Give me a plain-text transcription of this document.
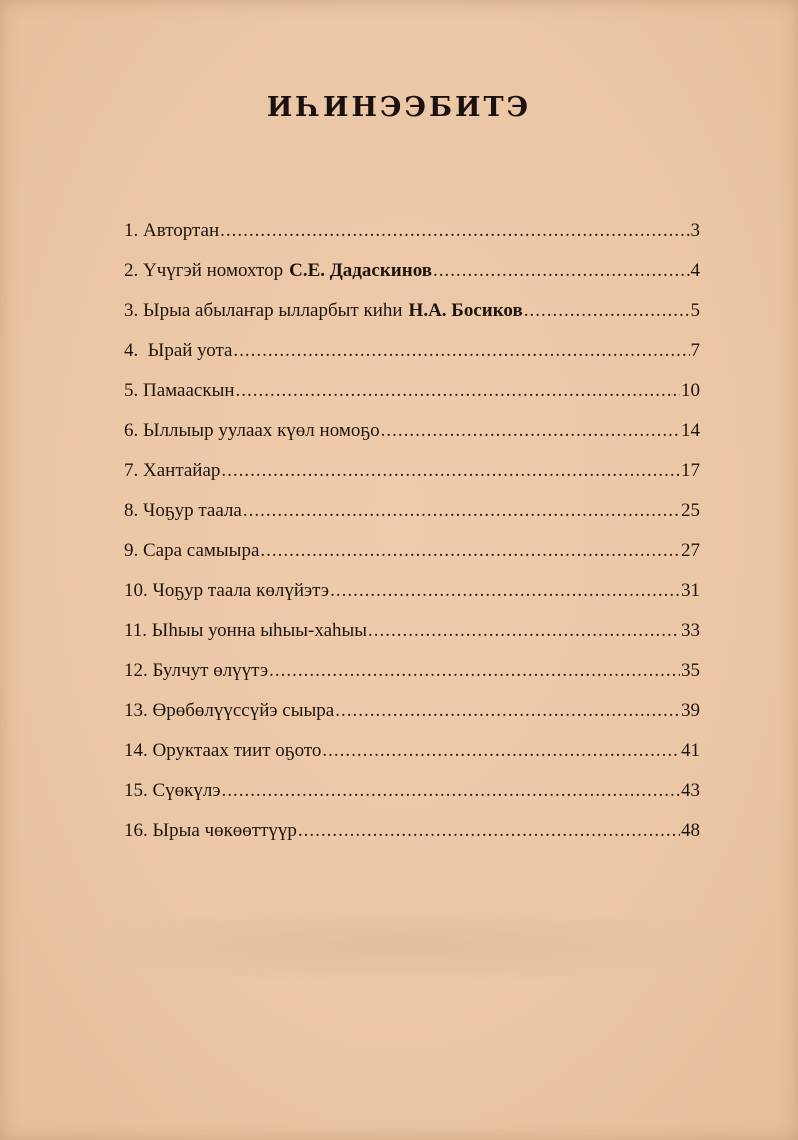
ИҺИНЭЭБИТЭ
1.
Автортан .....	3
2.
Үчүгэй номохтор С.Е. Дадаскинов .....	4
3.
Ырыа абылаҥар ылларбыт киһи Н.А. Босиков .....	5
4.
Ырай уота .....	7
5.
Памааскын .....	10
6.
Ыллыыр уулаах күөл номоҕо .....	14
7.
Хантайар .....	17
8.
Чоҕур таала .....	25
9.
Сара самыыра .....	27
10.
Чоҕур таала көлүйэтэ .....	31
11.
Ыһыы уонна ыһыы-хаһыы .....	33
12.
Булчут өлүүтэ .....	35
13.
Өрөбөлүүссүйэ сыыра .....	39
14.
Оруктаах тиит оҕото .....	41
15.
Сүөкүлэ .....	43
16.
Ырыа чөкөөттүүр .....	48
